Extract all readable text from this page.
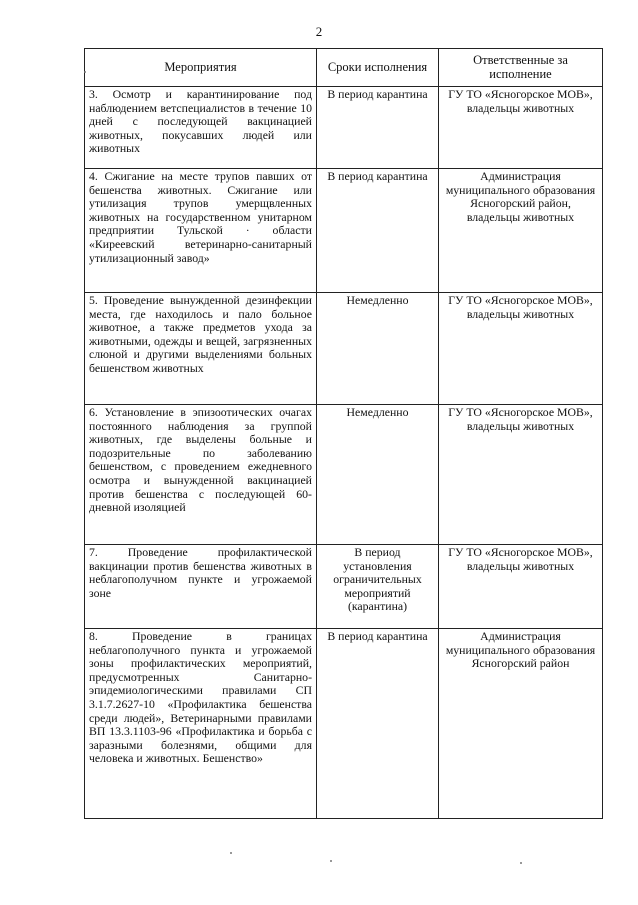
2
Мероприятия	Сроки исполнения	Ответственные за исполнение
3. Осмотр и карантинирование под наблюдением ветспециалистов в течение 10 дней с последующей вакцинацией животных, покусавших людей или животных	В период карантина	ГУ ТО «Ясногорское МОВ», владельцы животных
4. Сжигание на месте трупов павших от бешенства животных. Сжигание или утилизация трупов умерщвленных животных на государственном унитарном предприятии Тульской · области «Киреевский ветеринарно-санитарный утилизационный завод»	В период карантина	Администрация муниципального образования Ясногорский район, владельцы животных
5. Проведение вынужденной дезинфекции места, где находилось и пало больное животное, а также предметов ухода за животными, одежды и вещей, загрязненных слюной и другими выделениями больных бешенством животных	Немедленно	ГУ ТО «Ясногорское МОВ», владельцы животных
6. Установление в эпизоотических очагах постоянного наблюдения за группой животных, где выделены больные и подозрительные по заболеванию бешенством, с проведением ежедневного осмотра и вынужденной вакцинацией против бешенства с последующей 60-дневной изоляцией	Немедленно	ГУ ТО «Ясногорское МОВ», владельцы животных
7. Проведение профилактической вакцинации против бешенства животных в неблагополучном пункте и угрожаемой зоне	В период установления ограничительных мероприятий (карантина)	ГУ ТО «Ясногорское МОВ», владельцы животных
8. Проведение в границах неблагополучного пункта и угрожаемой зоны профилактических мероприятий, предусмотренных Санитарно-эпидемиологическими правилами СП 3.1.7.2627-10 «Профилактика бешенства среди людей», Ветеринарными правилами ВП 13.3.1103-96 «Профилактика и борьба с заразными болезнями, общими для человека и животных. Бешенство»	В период карантина	Администрация муниципального образования Ясногорский район
